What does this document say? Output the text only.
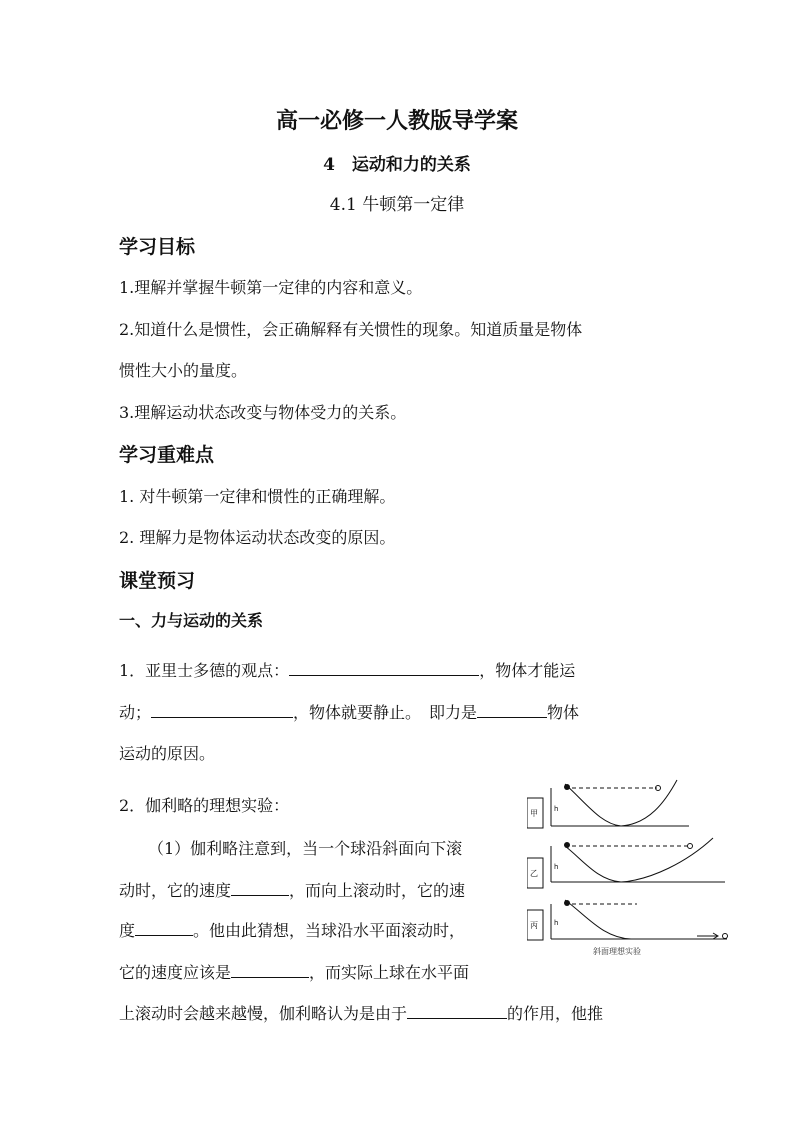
高一必修一人教版导学案
4　运动和力的关系
4.1 牛顿第一定律
学习目标
1.理解并掌握牛顿第一定律的内容和意义。
2.知道什么是惯性，会正确解释有关惯性的现象。知道质量是物体
惯性大小的量度。
3.理解运动状态改变与物体受力的关系。
学习重难点
1. 对牛顿第一定律和惯性的正确理解。
2. 理解力是物体运动状态改变的原因。
课堂预习
一、力与运动的关系
1．亚里士多德的观点：	，物体才能运
动；	，物体就要静止。　即力是	物体
运动的原因。
2．伽利略的理想实验：
（1）伽利略注意到，当一个球沿斜面向下滚
动时，它的速度	，而向上滚动时，它的速
度	。他由此猜想，当球沿水平面滚动时，
它的速度应该是	，而实际上球在水平面
上滚动时会越来越慢，伽利略认为是由于	的作用，他推
甲
乙
丙
h
h
h
斜面理想实验
